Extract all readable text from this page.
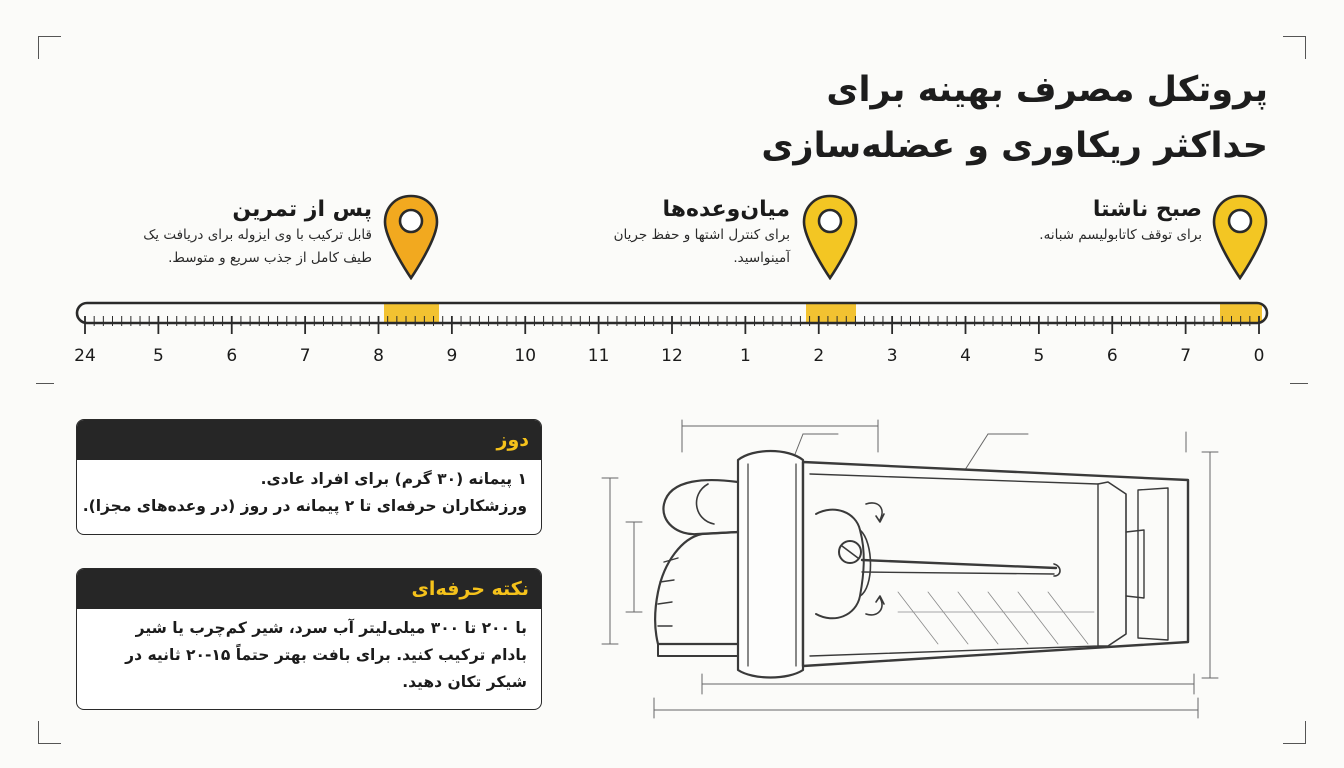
پروتکل مصرف بهینه برای
حداکثر ریکاوری و عضله‌سازی
صبح ناشتا
برای توقف کاتابولیسم شبانه.
میان‌وعده‌ها
برای کنترل اشتها و حفظ جریان
آمینواسید.
پس از تمرین
قابل ترکیب با وی ایزوله برای دریافت یک
طیف کامل از جذب سریع و متوسط.
0
7
6
5
4
3
2
1
12
11
10
9
8
7
6
5
24
دوز
۱ پیمانه (۳۰ گرم) برای افراد عادی.
ورزشکاران حرفه‌ای تا ۲ پیمانه در روز (در وعده‌های مجزا).
نکته حرفه‌ای
با ۲۰۰ تا ۳۰۰ میلی‌لیتر آب سرد، شیر کم‌چرب یا شیر
بادام ترکیب کنید. برای بافت بهتر حتماً ۱۵-۲۰ ثانیه در
شیکر تکان دهید.
